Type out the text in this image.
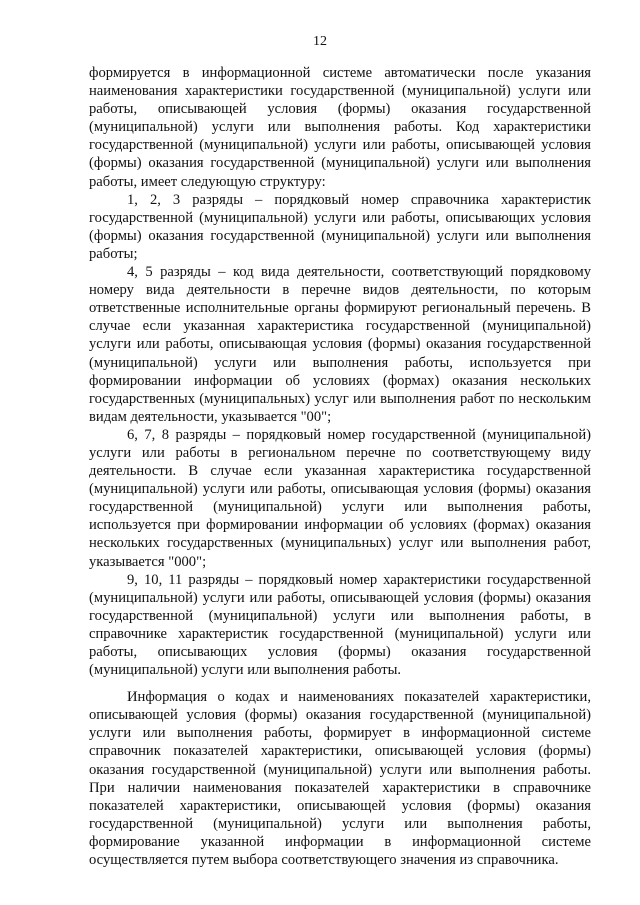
12

формируется в информационной системе автоматически после указания наименования характеристики государственной (муниципальной) услуги или работы, описывающей условия (формы) оказания государственной (муниципальной) услуги или выполнения работы. Код характеристики государственной (муниципальной) услуги или работы, описывающей условия (формы) оказания государственной (муниципальной) услуги или выполнения работы, имеет следующую структуру:

1, 2, 3 разряды – порядковый номер справочника характеристик государственной (муниципальной) услуги или работы, описывающих условия (формы) оказания государственной (муниципальной) услуги или выполнения работы;

4, 5 разряды – код вида деятельности, соответствующий порядковому номеру вида деятельности в перечне видов деятельности, по которым ответственные исполнительные органы формируют региональный перечень. В случае если указанная характеристика государственной (муниципальной) услуги или работы, описывающая условия (формы) оказания государственной (муниципальной) услуги или выполнения работы, используется при формировании информации об условиях (формах) оказания нескольких государственных (муниципальных) услуг или выполнения работ по нескольким видам деятельности, указывается "00";

6, 7, 8 разряды – порядковый номер государственной (муниципальной) услуги или работы в региональном перечне по соответствующему виду деятельности. В случае если указанная характеристика государственной (муниципальной) услуги или работы, описывающая условия (формы) оказания государственной (муниципальной) услуги или выполнения работы, используется при формировании информации об условиях (формах) оказания нескольких государственных (муниципальных) услуг или выполнения работ, указывается "000";

9, 10, 11 разряды – порядковый номер характеристики государственной (муниципальной) услуги или работы, описывающей условия (формы) оказания государственной (муниципальной) услуги или выполнения работы, в справочнике характеристик государственной (муниципальной) услуги или работы, описывающих условия (формы) оказания государственной (муниципальной) услуги или выполнения работы.

Информация о кодах и наименованиях показателей характеристики, описывающей условия (формы) оказания государственной (муниципальной) услуги или выполнения работы, формирует в информационной системе справочник показателей характеристики, описывающей условия (формы) оказания государственной (муниципальной) услуги или выполнения работы. При наличии наименования показателей характеристики в справочнике показателей характеристики, описывающей условия (формы) оказания государственной (муниципальной) услуги или выполнения работы, формирование указанной информации в информационной системе осуществляется путем выбора соответствующего значения из справочника.
